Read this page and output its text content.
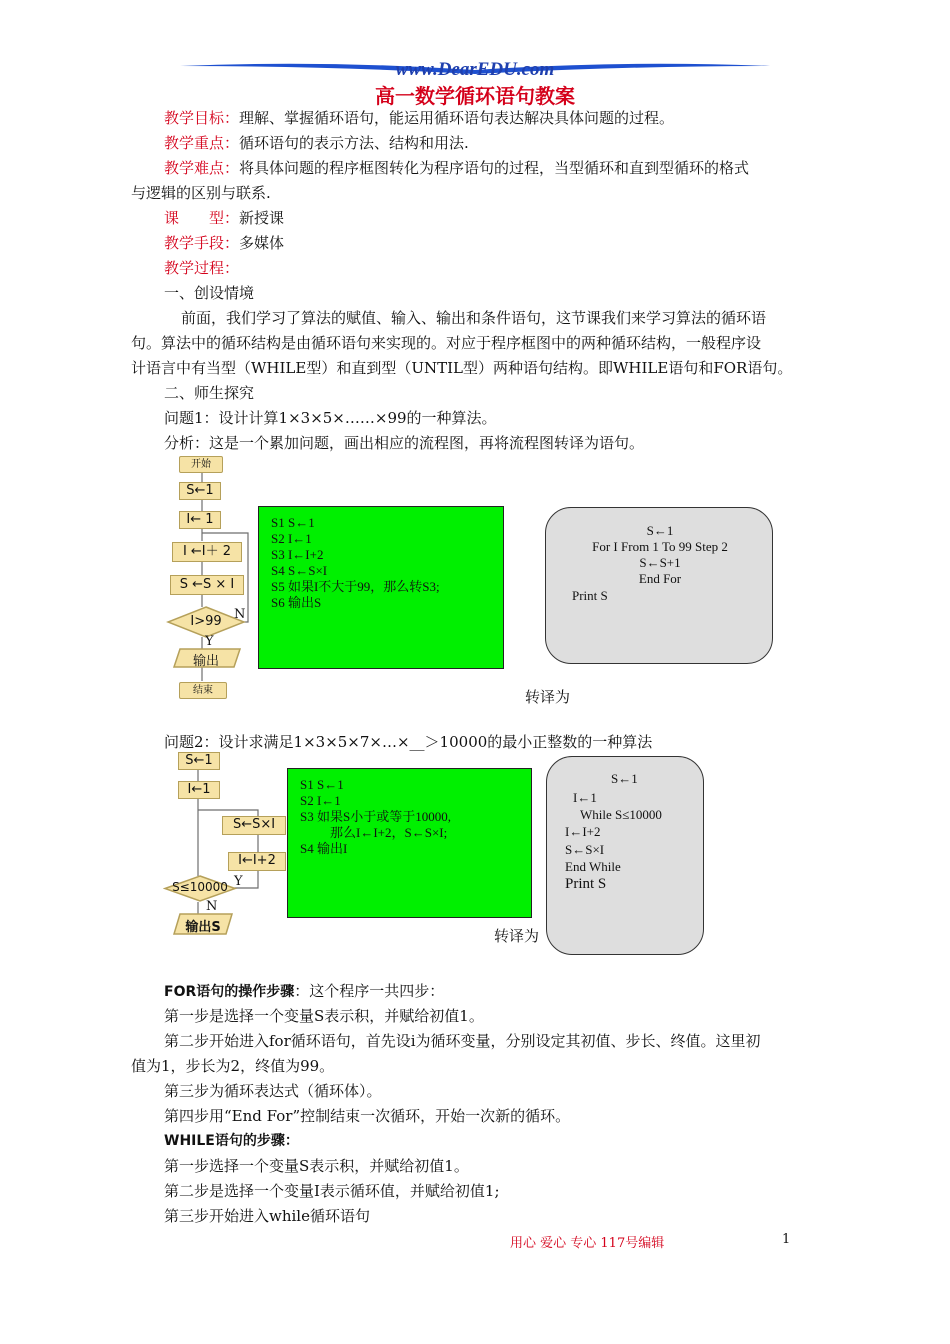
www.DearEDU.com
高一数学循环语句教案
教学目标：理解、掌握循环语句，能运用循环语句表达解决具体问题的过程。
教学重点：循环语句的表示方法、结构和用法.
教学难点：将具体问题的程序框图转化为程序语句的过程，当型循环和直到型循环的格式
与逻辑的区别与联系.
课　　型：新授课
教学手段：多媒体
教学过程：
一、创设情境
前面，我们学习了算法的赋值、输入、输出和条件语句，这节课我们来学习算法的循环语
句。算法中的循环结构是由循环语句来实现的。对应于程序框图中的两种循环结构，一般程序设
计语言中有当型（WHILE型）和直到型（UNTIL型）两种语句结构。即WHILE语句和FOR语句。
二、师生探究
问题1：设计计算1×3×5×……×99的一种算法。
分析：这是一个累加问题，画出相应的流程图，再将流程图转译为语句。
开始
S←1
I← 1
I ←I＋ 2
S ←S × I
I>99 N
Y
输出
结束
S1 S←1
S2 I←1
S3 I←I+2
S4 S←S×I
S5 如果I不大于99，那么转S3;
S6 输出S
S←1
For I From 1 To 99 Step 2
S←S+1
End For
Print S
转译为
问题2：设计求满足1×3×5×7×…×__＞10000的最小正整数的一种算法
S←1
I←1
S←S×I
I←I+2
S≤10000 Y
N
输出S
S1 S←1
S2 I←1
S3 如果S小于或等于10000,
那么I←I+2，S←S×I;
S4 输出I
S←1
I←1
While S≤10000
I←I+2
S←S×I
End While
Print S
转译为
FOR语句的操作步骤：这个程序一共四步：
第一步是选择一个变量S表示积，并赋给初值1。
第二步开始进入for循环语句，首先设i为循环变量，分别设定其初值、步长、终值。这里初
值为1，步长为2，终值为99。
第三步为循环表达式（循环体）。
第四步用“End For”控制结束一次循环，开始一次新的循环。
WHILE语句的步骤：
第一步选择一个变量S表示积，并赋给初值1。
第二步是选择一个变量I表示循环值，并赋给初值1;
第三步开始进入while循环语句
用心 爱心 专心 117号编辑	1
